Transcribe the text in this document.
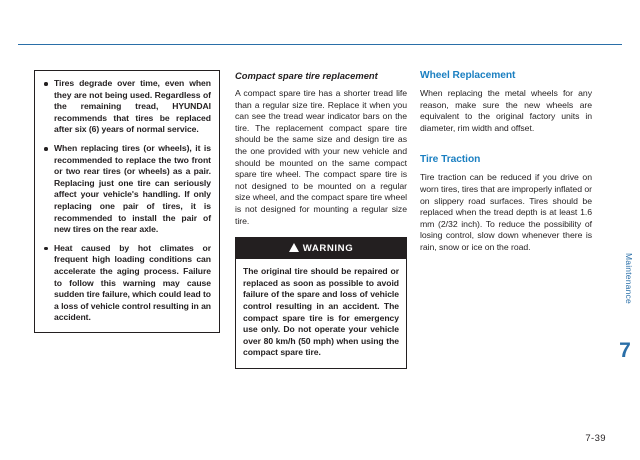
Tires degrade over time, even when they are not being used. Regardless of the remaining tread, HYUNDAI recommends that tires be replaced after six (6) years of normal service.
When replacing tires (or wheels), it is recommended to replace the two front or two rear tires (or wheels) as a pair. Replacing just one tire can seriously affect your vehicle's handling. If only replacing one pair of tires, it is recommended to install the pair of new tires on the rear axle.
Heat caused by hot climates or frequent high loading conditions can accelerate the aging process. Failure to follow this warning may cause sudden tire failure, which could lead to a loss of vehicle control resulting in an accident.

Compact spare tire replacement

A compact spare tire has a shorter tread life than a regular size tire. Replace it when you can see the tread wear indicator bars on the tire. The replacement compact spare tire should be the same size and design tire as the one provided with your new vehicle and should be mounted on the same compact spare tire wheel. The compact spare tire is not designed to be mounted on a regular size wheel, and the compact spare tire wheel is not designed for mounting a regular size tire.

WARNING
The original tire should be repaired or replaced as soon as possible to avoid failure of the spare and loss of vehicle control resulting in an accident. The compact spare tire is for emergency use only. Do not operate your vehicle over 80 km/h (50 mph) when using the compact spare tire.

Wheel Replacement

When replacing the metal wheels for any reason, make sure the new wheels are equivalent to the original factory units in diameter, rim width and offset.

Tire Traction

Tire traction can be reduced if you drive on worn tires, tires that are improperly inflated or on slippery road surfaces. Tires should be replaced when the tread depth is at least 1.6 mm (2/32 inch). To reduce the possibility of losing control, slow down whenever there is rain, snow or ice on the road.

Maintenance
7
7-39
